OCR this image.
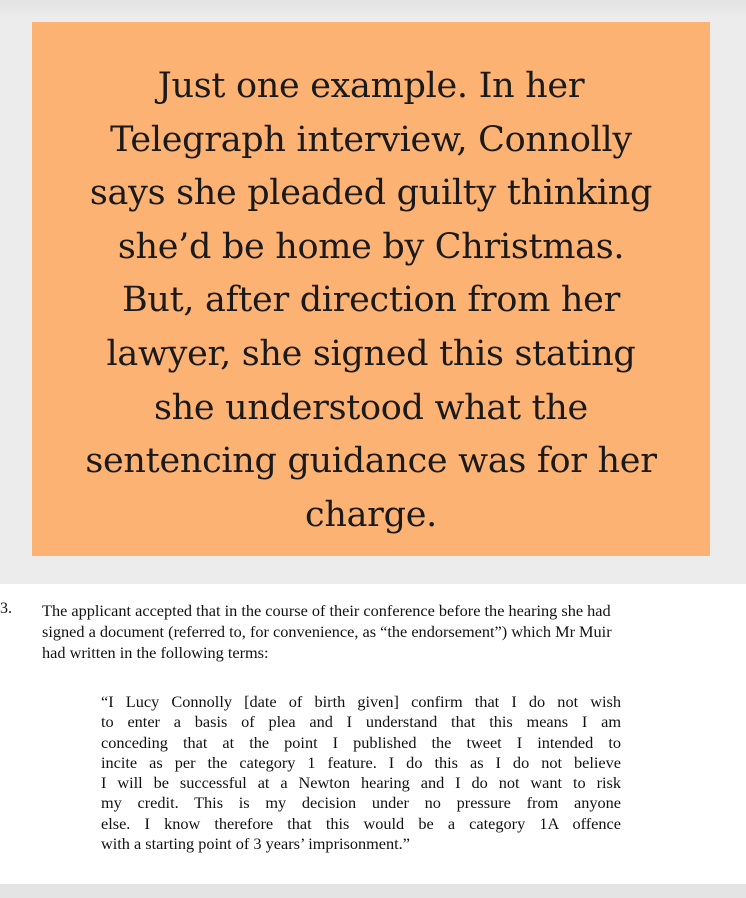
Just one example. In her
Telegraph interview, Connolly
says she pleaded guilty thinking
she’d be home by Christmas.
But, after direction from her
lawyer, she signed this stating
she understood what the
sentencing guidance was for her
charge.

3. The applicant accepted that in the course of their conference before the hearing she had
signed a document (referred to, for convenience, as “the endorsement”) which Mr Muir
had written in the following terms:

“I Lucy Connolly [date of birth given] confirm that I do not wish
to enter a basis of plea and I understand that this means I am
conceding that at the point I published the tweet I intended to
incite as per the category 1 feature. I do this as I do not believe
I will be successful at a Newton hearing and I do not want to risk
my credit. This is my decision under no pressure from anyone
else. I know therefore that this would be a category 1A offence
with a starting point of 3 years’ imprisonment.”
